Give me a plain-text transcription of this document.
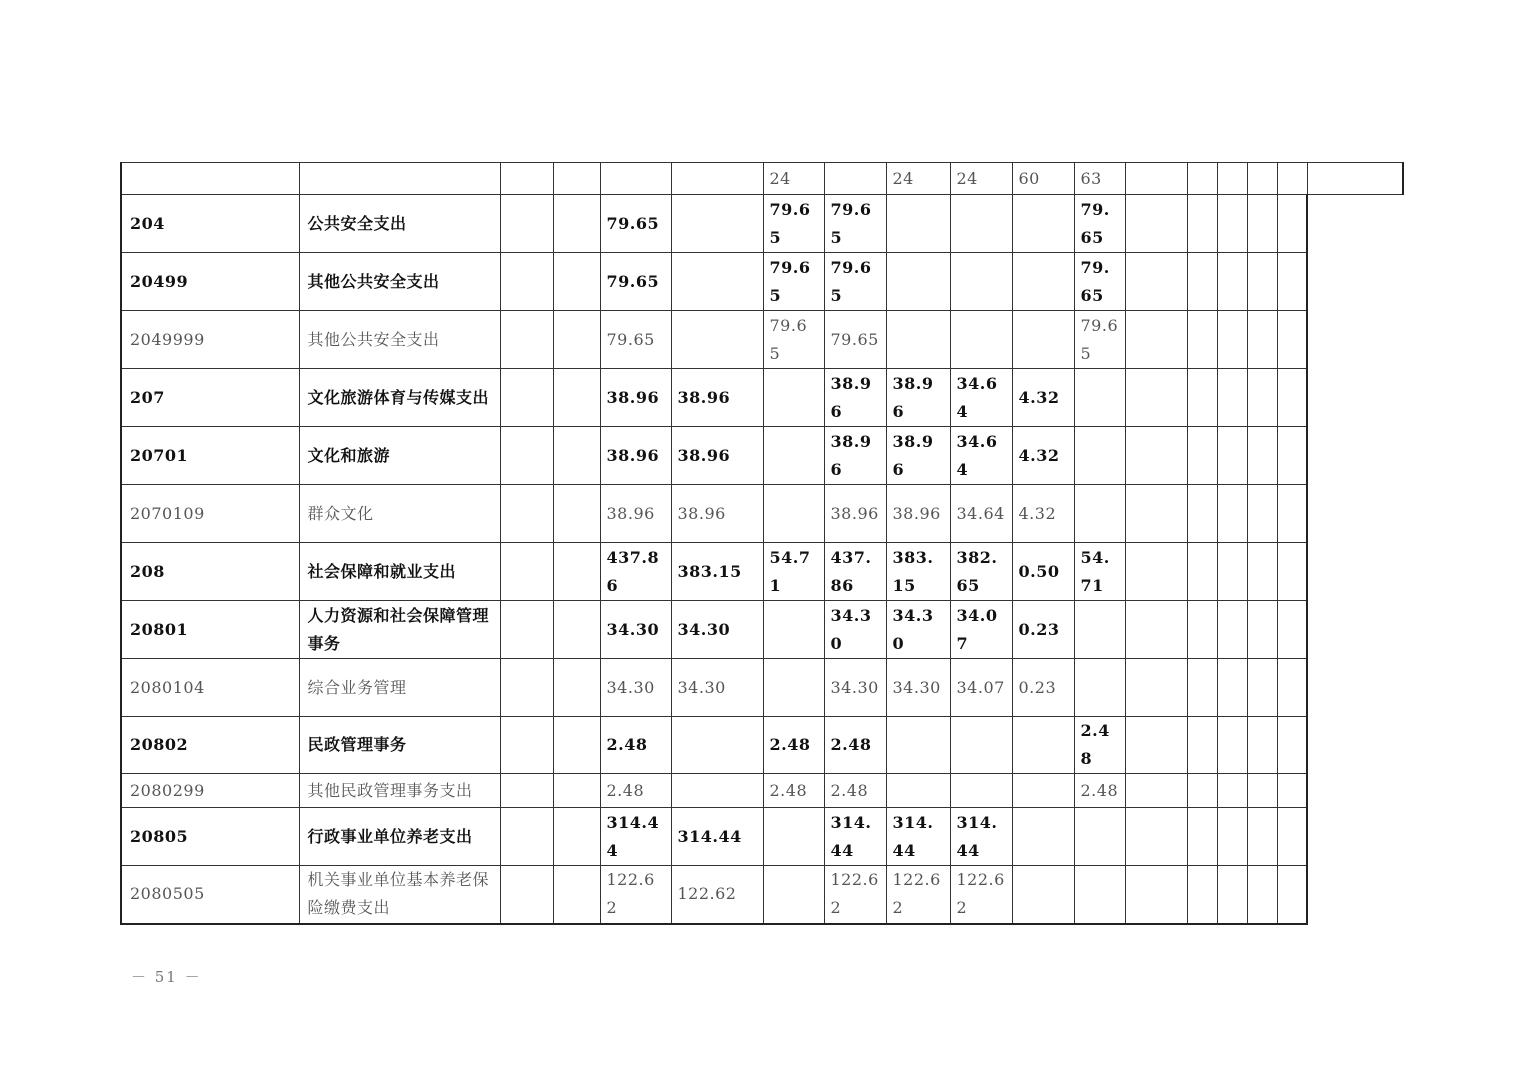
						24		24	24	60	63						
204	公共安全支出			79.65		79.65	79.65				79.65						
20499	其他公共安全支出			79.65		79.65	79.65				79.65						
2049999	其他公共安全支出			79.65		79.65	79.65				79.65						
207	文化旅游体育与传媒支出			38.96	38.96		38.96	38.96	34.64	4.32							
20701	文化和旅游			38.96	38.96		38.96	38.96	34.64	4.32							
2070109	群众文化			38.96	38.96		38.96	38.96	34.64	4.32							
208	社会保障和就业支出			437.86	383.15	54.71	437.86	383.15	382.65	0.50	54.71						
20801	人力资源和社会保障管理事务			34.30	34.30		34.30	34.30	34.07	0.23							
2080104	综合业务管理			34.30	34.30		34.30	34.30	34.07	0.23							
20802	民政管理事务			2.48		2.48	2.48				2.48						
2080299	其他民政管理事务支出			2.48		2.48	2.48				2.48						
20805	行政事业单位养老支出			314.44	314.44		314.44	314.44	314.44								
2080505	机关事业单位基本养老保险缴费支出			122.62	122.62		122.62	122.62	122.62								
－ 51 －
